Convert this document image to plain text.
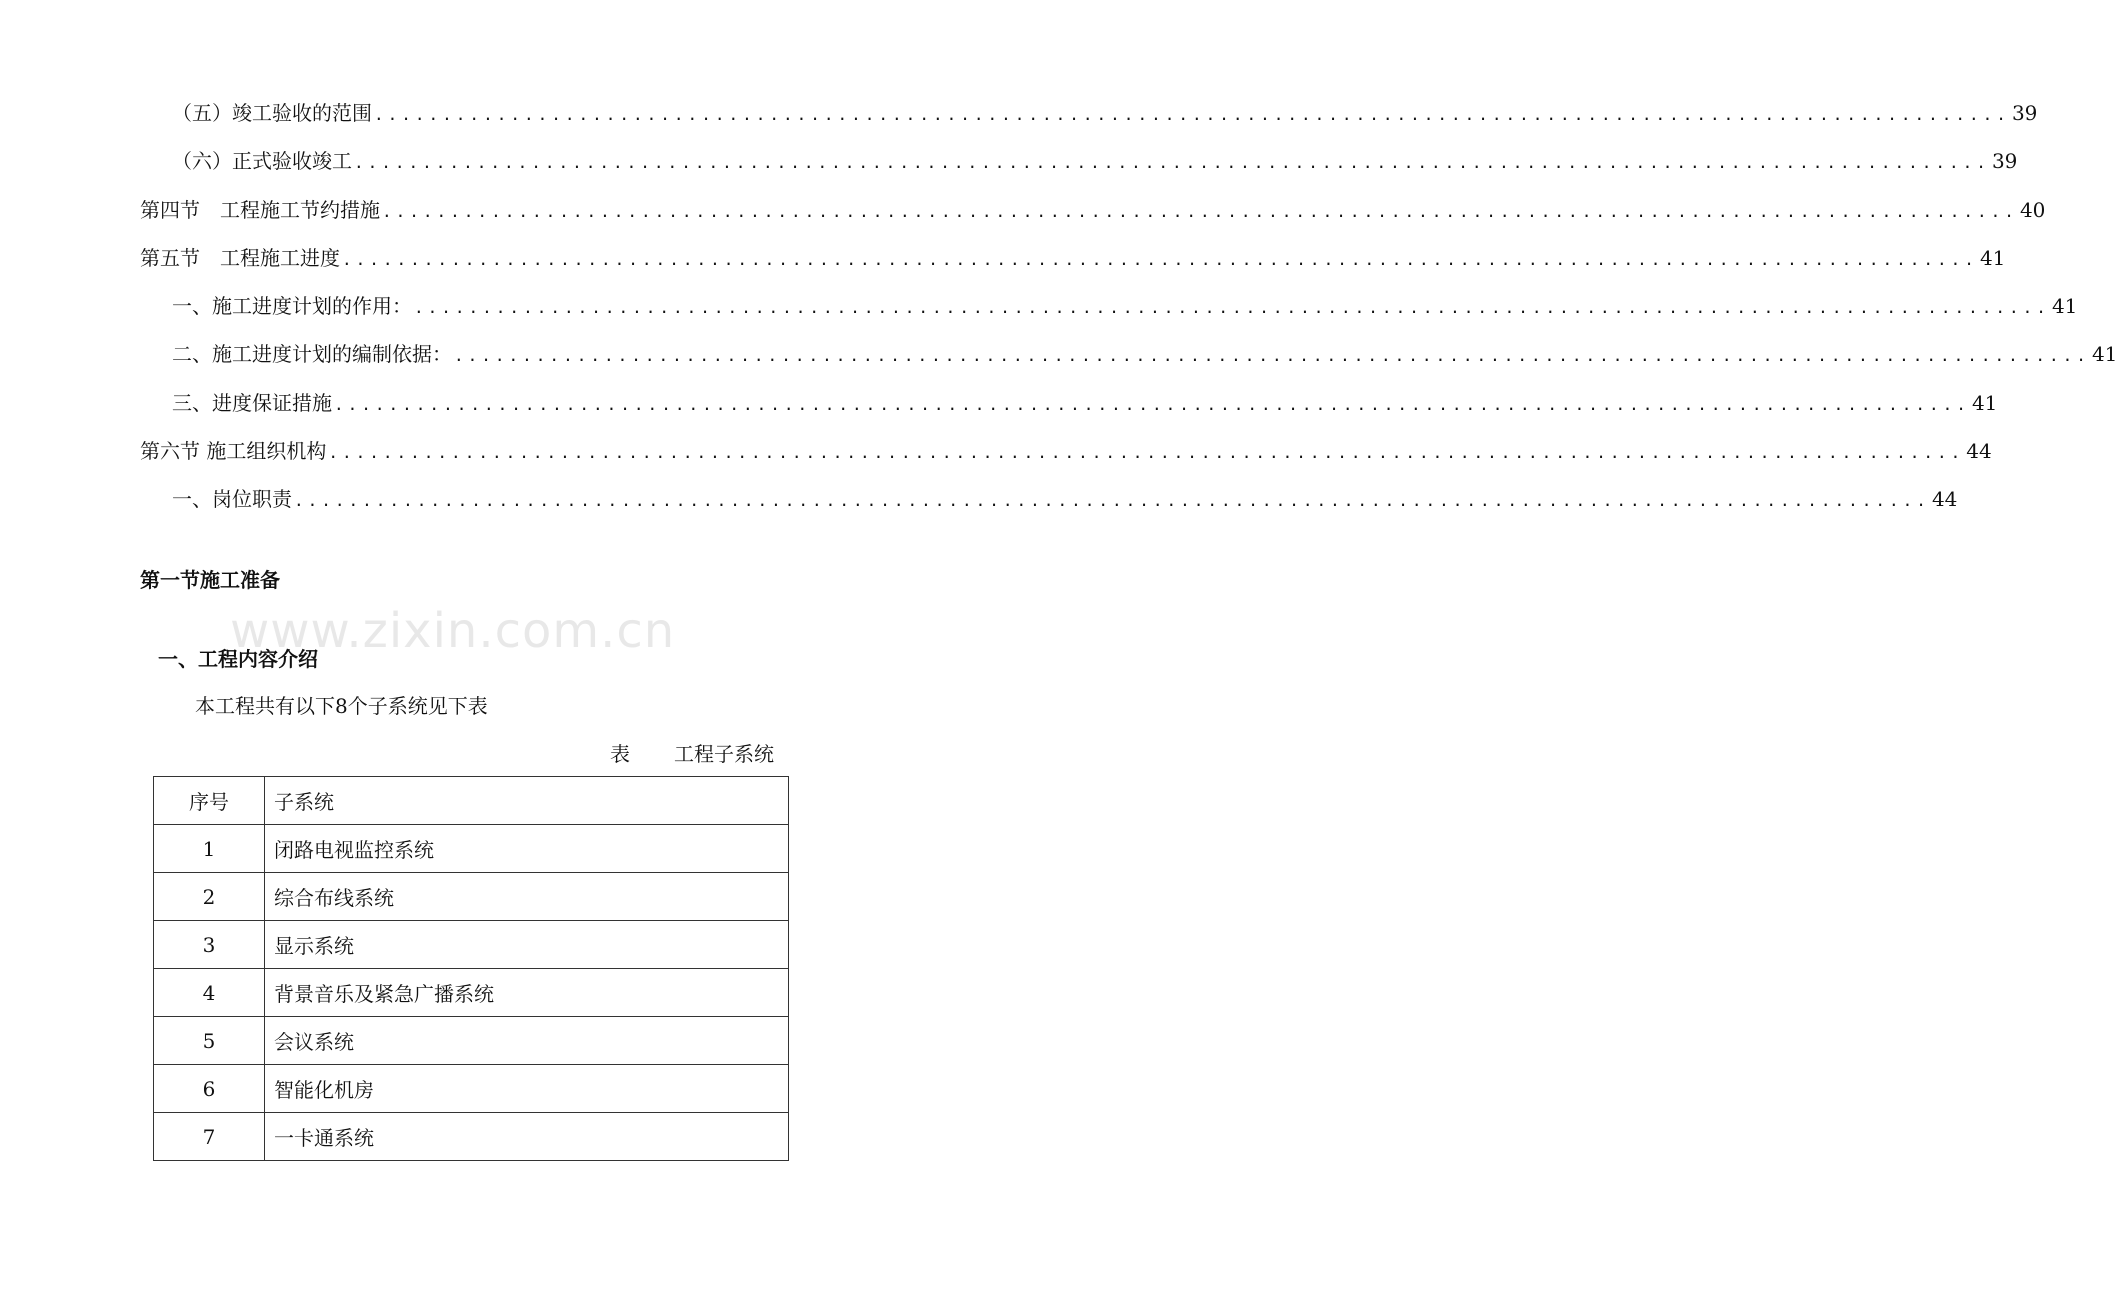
（五）竣工验收的范围 ........................................................................................................................ 39
（六）正式验收竣工 ........................................................................................................................ 39
第四节　工程施工节约措施 ........................................................................................................................ 40
第五节　工程施工进度 ........................................................................................................................ 41
一、施工进度计划的作用： ........................................................................................................................ 41
二、施工进度计划的编制依据： ........................................................................................................................ 41
三、进度保证措施 ........................................................................................................................ 41
第六节 施工组织机构 ........................................................................................................................ 44
一、岗位职责 ........................................................................................................................ 44
第一节施工准备
一、工程内容介绍
本工程共有以下8个子系统见下表
表 工程子系统
序号	子系统
1	闭路电视监控系统
2	综合布线系统
3	显示系统
4	背景音乐及紧急广播系统
5	会议系统
6	智能化机房
7	一卡通系统
www.zixin.com.cn
